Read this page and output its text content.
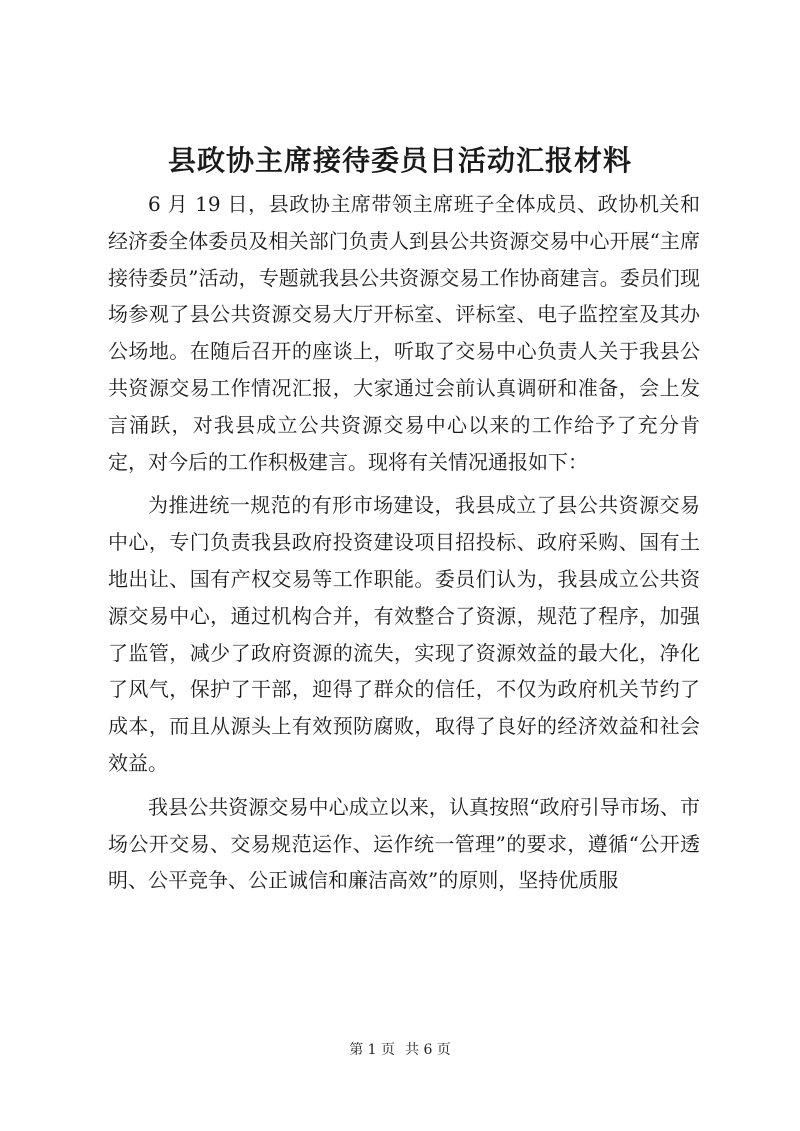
县政协主席接待委员日活动汇报材料

6 月 19 日，县政协主席带领主席班子全体成员、政协机关和经济委全体委员及相关部门负责人到县公共资源交易中心开展“主席接待委员”活动，专题就我县公共资源交易工作协商建言。委员们现场参观了县公共资源交易大厅开标室、评标室、电子监控室及其办公场地。在随后召开的座谈上，听取了交易中心负责人关于我县公共资源交易工作情况汇报，大家通过会前认真调研和准备，会上发言涌跃，对我县成立公共资源交易中心以来的工作给予了充分肯定，对今后的工作积极建言。现将有关情况通报如下：

为推进统一规范的有形市场建设，我县成立了县公共资源交易中心，专门负责我县政府投资建设项目招投标、政府采购、国有土地出让、国有产权交易等工作职能。委员们认为，我县成立公共资源交易中心，通过机构合并，有效整合了资源，规范了程序，加强了监管，减少了政府资源的流失，实现了资源效益的最大化，净化了风气，保护了干部，迎得了群众的信任，不仅为政府机关节约了成本，而且从源头上有效预防腐败，取得了良好的经济效益和社会效益。

我县公共资源交易中心成立以来，认真按照“政府引导市场、市场公开交易、交易规范运作、运作统一管理”的要求，遵循“公开透明、公平竞争、公正诚信和廉洁高效”的原则，坚持优质服

第 1 页 共 6 页
